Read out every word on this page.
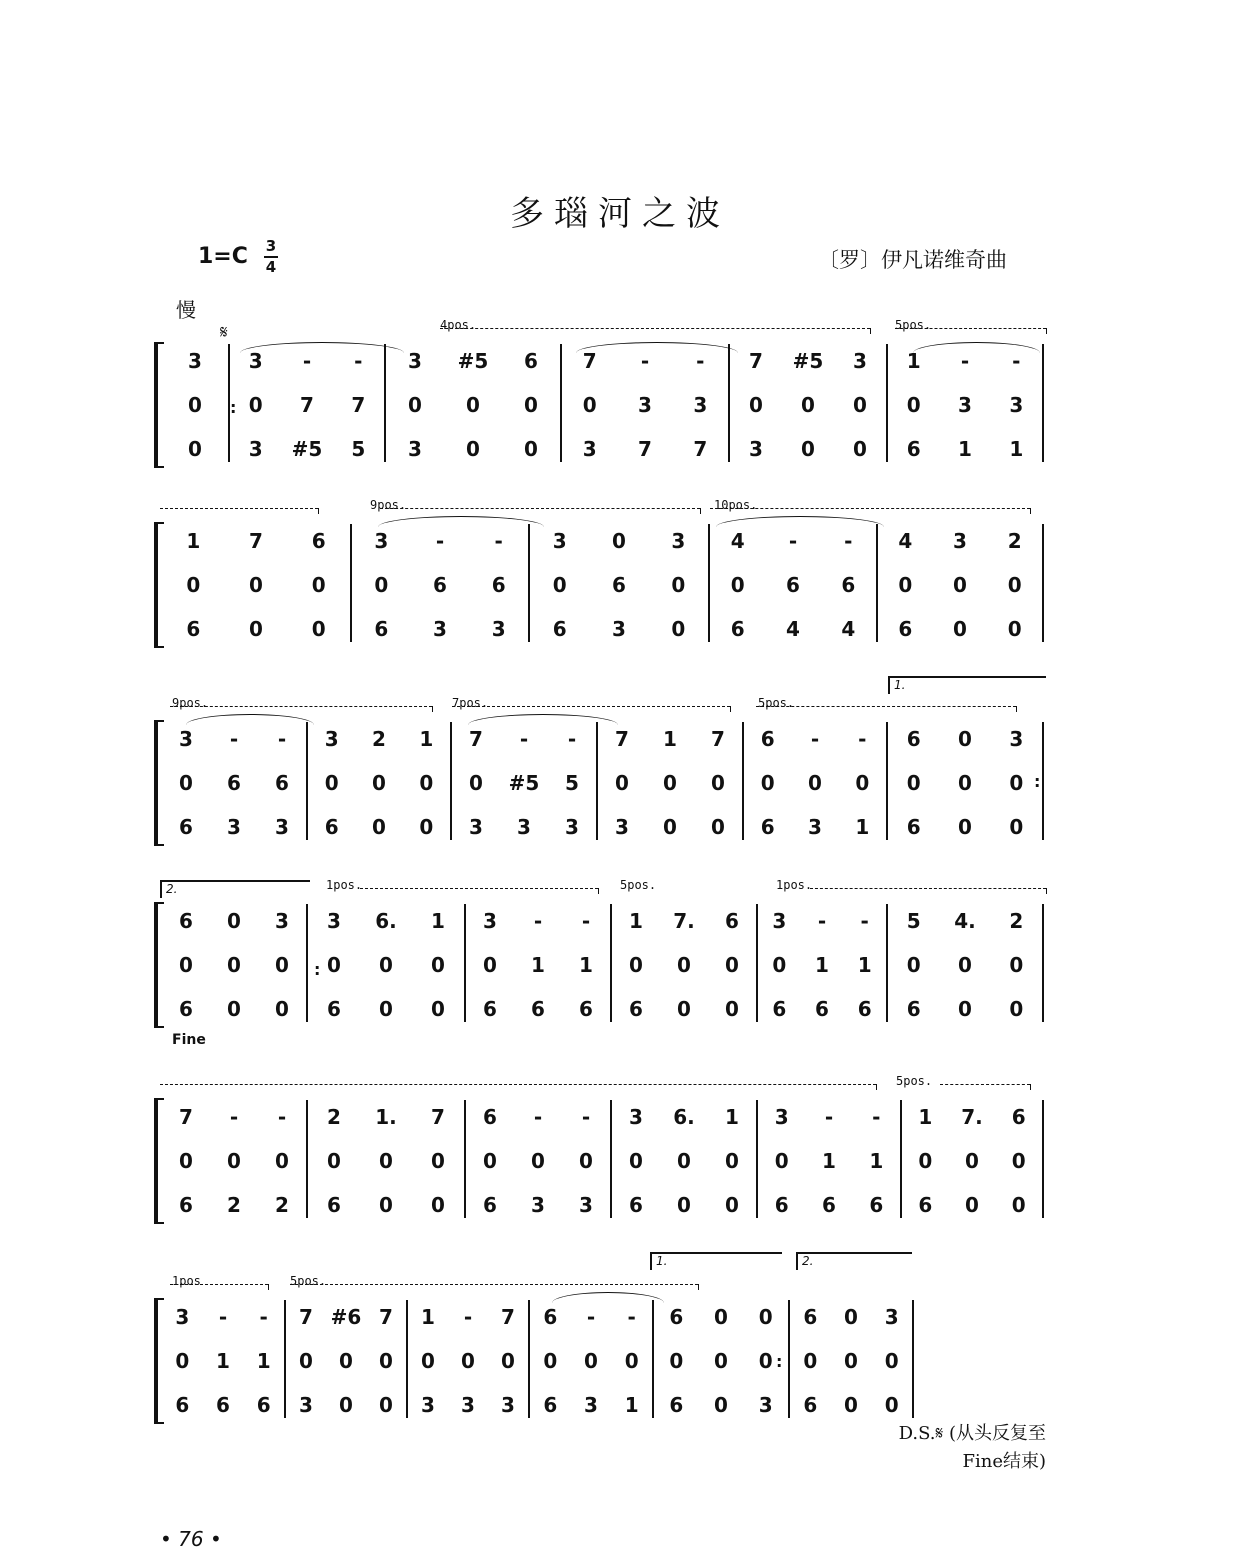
多瑙河之波
1=C 3
4	〔罗〕伊凡诺维奇曲
慢
𝄋	4pos.	5pos.
3 3 - - 3 #5 6 7 - - 7 #5 3 1 - -
0 0 7 7 0 0 0 0 3 3 0 0 0 0 3 3
0 3 #5 5 3 0 0 3 7 7 3 0 0 6 1 1
9pos.	10pos.
1 7 6 3 -	- 3 0 3 4 - - 4 3 2
0 0 0 0 6 6 0 6 0 0 6 6 0 0 0
6 0 0 6 3 3 6 3 0 6 4 4 6 0 0
9pos.	7pos.	5pos.
3 - - 3 2 1 7 - - 7 1 7 6 - - 6 0 3
0 6 6 0 0 0 0 #5 5 0 0 0 0 0 0 0 0 0
6 3 3 6 0 0 3 3 3 3 0 0 6 3 1 6 0 0
1pos.	5pos.	1pos.
6 0 3 3 6. 1 3 - - 1 7. 6 3 - - 5 4. 2
0 0 0 0 0 0 0 1 1 0 0 0 0 1 1 0 0 0
6 0 0 6 0 0 6 6 6 6 0 0 6 6 6 6 0 0
5pos.
7 - - 2 1. 7 6 - - 3 6. 1 3 - - 1 7. 6
0 0 0 0 0 0 0 0 0 0 0 0 0 1 1 0 0 0
6 2 2 6 0 0 6 3 3 6 0 0 6 6 6 6 0 0
1pos	5pos.
3 - - 7 #6 7 1 - 7 6 - - 6 0 0 6 0 3
0 1 1 0 0 0 0 0 0 0 0 0 0 0 0 0 0 0
6 6 6 3 0 0 3 3 3 6 3 1 6 0 3 6 0 0
1.
2.
1.	2.
:
:
:
:
Fine
D.S.𝄋 (从头反复至
Fine结束)
• 76 •
